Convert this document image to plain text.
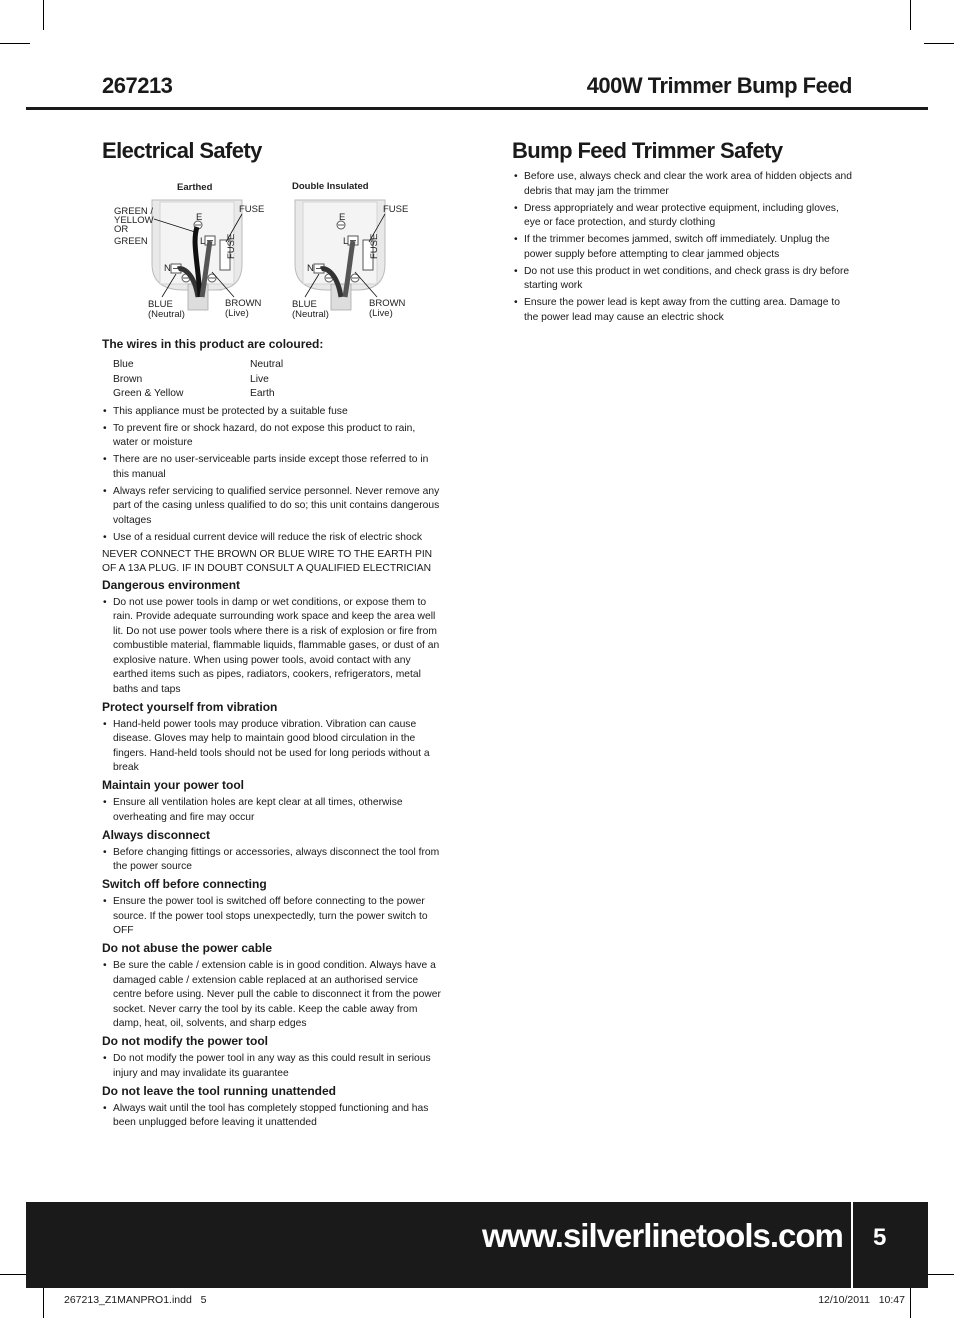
267213	400W Trimmer Bump Feed
Electrical Safety	Bump Feed Trimmer Safety
Earthed	Double Insulated
E
L
N
FUSE
GREEN /
YELLOW
OR
GREEN
FUSE
BLUE
(Neutral)
BROWN
(Live)
E
L
N
FUSE
FUSE
BLUE
(Neutral)
BROWN
(Live)

The wires in this product are coloured:

Blue	Neutral
Brown	Live
Green & Yellow	Earth
• This appliance must be protected by a suitable fuse
• To prevent fire or shock hazard, do not expose this product to rain, water or moisture
• There are no user-serviceable parts inside except those referred to in this manual
• Always refer servicing to qualified service personnel. Never remove any part of the casing unless qualified to do so; this unit contains dangerous voltages
• Use of a residual current device will reduce the risk of electric shock

NEVER CONNECT THE BROWN OR BLUE WIRE TO THE EARTH PIN OF A 13A PLUG. IF IN DOUBT CONSULT A QUALIFIED ELECTRICIAN

Dangerous environment

• Do not use power tools in damp or wet conditions, or expose them to rain. Provide adequate surrounding work space and keep the area well lit. Do not use power tools where there is a risk of explosion or fire from combustible material, flammable liquids, flammable gases, or dust of an explosive nature. When using power tools, avoid contact with any earthed items such as pipes, radiators, cookers, refrigerators, metal baths and taps

Protect yourself from vibration

• Hand-held power tools may produce vibration. Vibration can cause disease. Gloves may help to maintain good blood circulation in the fingers. Hand-held tools should not be used for long periods without a break

Maintain your power tool

• Ensure all ventilation holes are kept clear at all times, otherwise overheating and fire may occur

Always disconnect

• Before changing fittings or accessories, always disconnect the tool from the power source

Switch off before connecting

• Ensure the power tool is switched off before connecting to the power source. If the power tool stops unexpectedly, turn the power switch to OFF

Do not abuse the power cable

• Be sure the cable / extension cable is in good condition. Always have a damaged cable / extension cable replaced at an authorised service centre before using. Never pull the cable to disconnect it from the power socket. Never carry the tool by its cable. Keep the cable away from damp, heat, oil, solvents, and sharp edges

Do not modify the power tool

• Do not modify the power tool in any way as this could result in serious injury and may invalidate its guarantee

Do not leave the tool running unattended

• Always wait until the tool has completely stopped functioning and has been unplugged before leaving it unattended
• Before use, always check and clear the work area of hidden objects and debris that may jam the trimmer
• Dress appropriately and wear protective equipment, including gloves, eye or face protection, and sturdy clothing
• If the trimmer becomes jammed, switch off immediately. Unplug the power supply before attempting to clear jammed objects
• Do not use this product in wet conditions, and check grass is dry before starting work
• Ensure the power lead is kept away from the cutting area. Damage to the power lead may cause an electric shock
www.silverlinetools.com 5
267213_Z1MANPRO1.indd   5	12/10/2011   10:47
